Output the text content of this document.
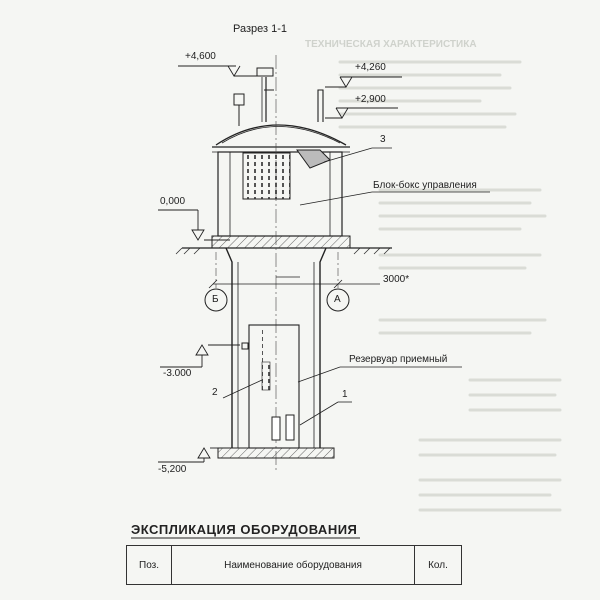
ТЕХНИЧЕСКАЯ ХАРАКТЕРИСТИКА
Разрез 1-1
+4,600
+4,260
+2,900
0,000
-3.000
-5,200
3
Блок-бокс управления
Резервуар приемный
2	1
3000*
Б	А
ЭКСПЛИКАЦИЯ ОБОРУДОВАНИЯ
Поз.	Наименование оборудования	Кол.
